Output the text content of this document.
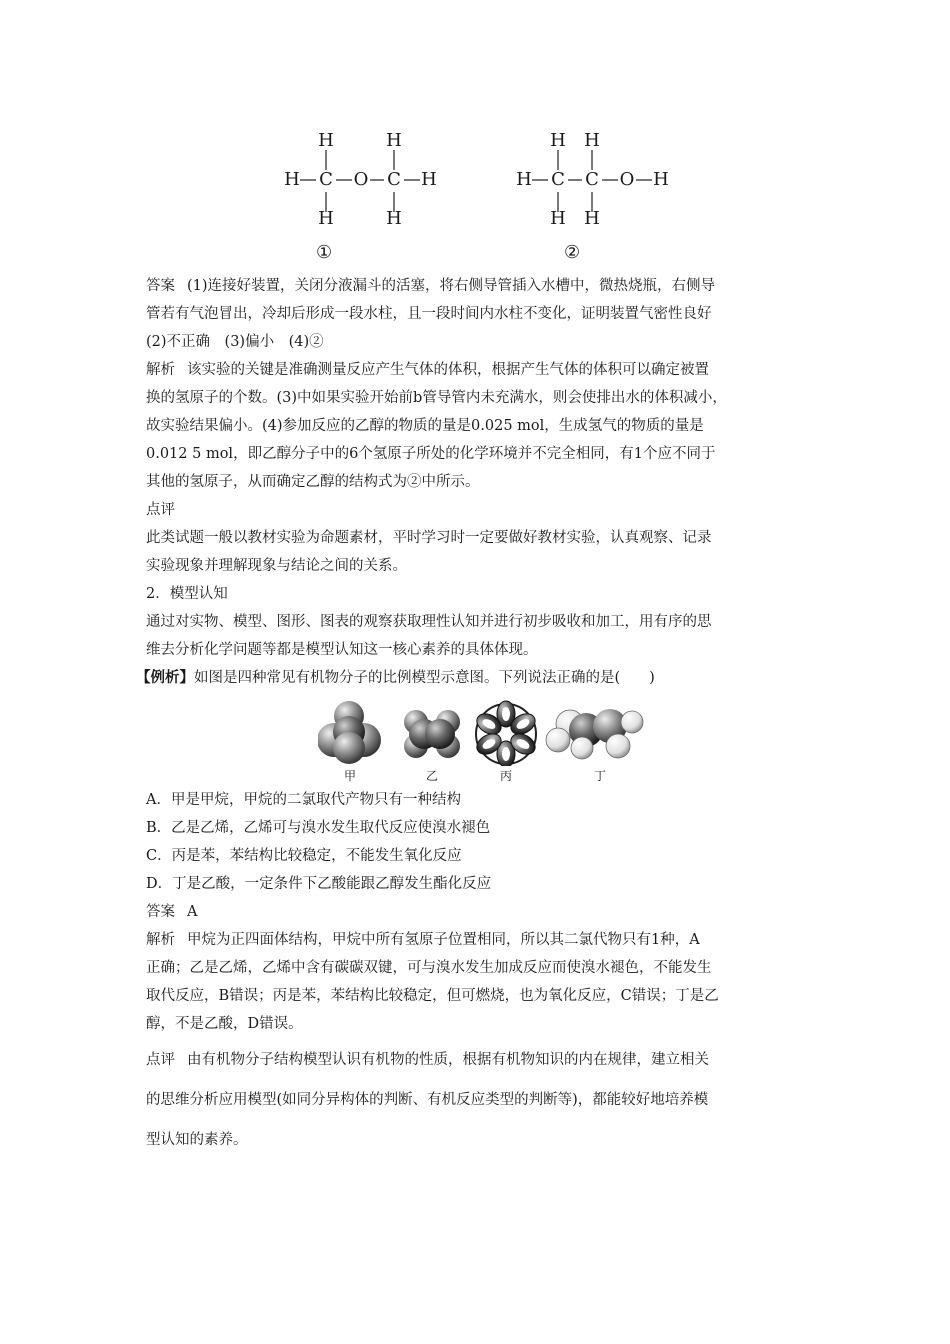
H	H
H C O C H
H	H
①
H H
H C C O H
H H
②

答案 (1)连接好装置，关闭分液漏斗的活塞，将右侧导管插入水槽中，微热烧瓶，右侧导

管若有气泡冒出，冷却后形成一段水柱，且一段时间内水柱不变化，证明装置气密性良好

(2)不正确　(3)偏小　(4)②

解析 该实验的关键是准确测量反应产生气体的体积，根据产生气体的体积可以确定被置

换的氢原子的个数。(3)中如果实验开始前b管导管内未充满水，则会使排出水的体积减小，

故实验结果偏小。(4)参加反应的乙醇的物质的量是0.025 mol，生成氢气的物质的量是

0.012 5 mol，即乙醇分子中的6个氢原子所处的化学环境并不完全相同，有1个应不同于

其他的氢原子，从而确定乙醇的结构式为②中所示。

点评

此类试题一般以教材实验为命题素材，平时学习时一定要做好教材实验，认真观察、记录

实验现象并理解现象与结论之间的关系。

2．模型认知

通过对实物、模型、图形、图表的观察获取理性认知并进行初步吸收和加工，用有序的思

维去分析化学问题等都是模型认知这一核心素养的具体体现。

【例析】如图是四种常见有机物分子的比例模型示意图。下列说法正确的是(　　)

甲	乙	丙	丁

A．甲是甲烷，甲烷的二氯取代产物只有一种结构

B．乙是乙烯，乙烯可与溴水发生取代反应使溴水褪色

C．丙是苯，苯结构比较稳定，不能发生氧化反应

D．丁是乙酸，一定条件下乙酸能跟乙醇发生酯化反应

答案 A

解析 甲烷为正四面体结构，甲烷中所有氢原子位置相同，所以其二氯代物只有1种，A

正确；乙是乙烯，乙烯中含有碳碳双键，可与溴水发生加成反应而使溴水褪色，不能发生

取代反应，B错误；丙是苯，苯结构比较稳定，但可燃烧，也为氧化反应，C错误；丁是乙

醇，不是乙酸，D错误。

点评 由有机物分子结构模型认识有机物的性质，根据有机物知识的内在规律，建立相关

的思维分析应用模型(如同分异构体的判断、有机反应类型的判断等)，都能较好地培养模

型认知的素养。
